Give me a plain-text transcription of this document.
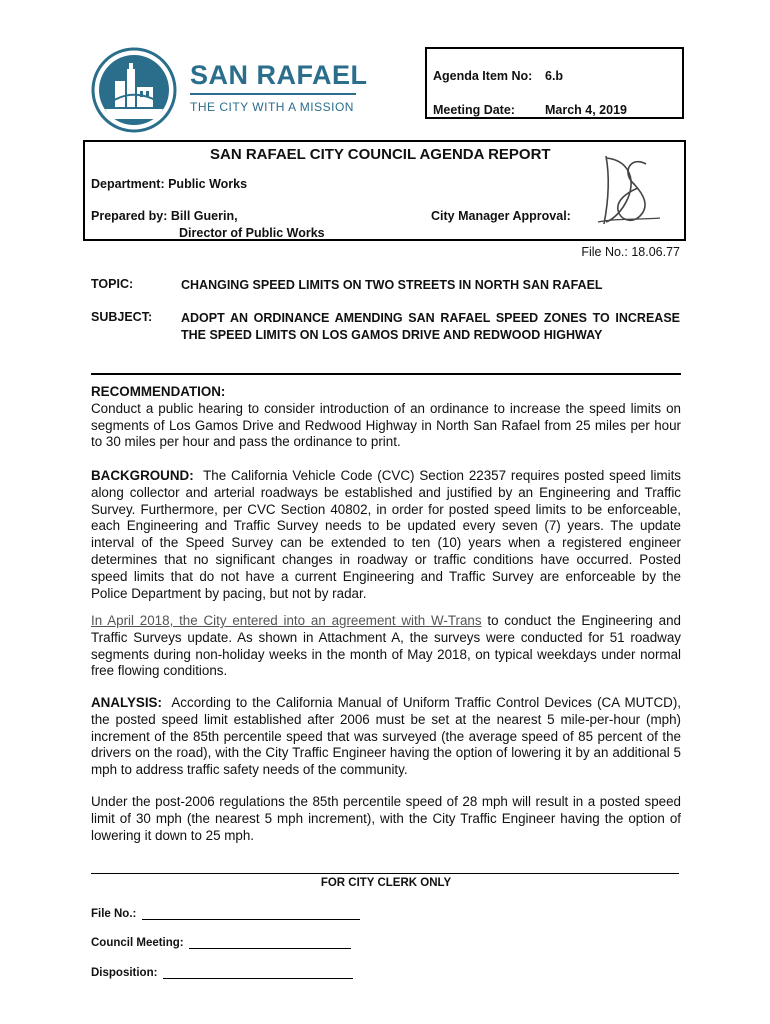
SAN RAFAEL
THE CITY WITH A MISSION
Agenda Item No: 6.b
Meeting Date: March 4, 2019
SAN RAFAEL CITY COUNCIL AGENDA REPORT
Department: Public Works
Prepared by: Bill Guerin,
Director of Public Works
City Manager Approval:
File No.: 18.06.77
TOPIC:	CHANGING SPEED LIMITS ON TWO STREETS IN NORTH SAN RAFAEL
SUBJECT: ADOPT AN ORDINANCE AMENDING SAN RAFAEL SPEED ZONES TO INCREASE THE SPEED LIMITS ON LOS GAMOS DRIVE AND REDWOOD HIGHWAY
RECOMMENDATION:
Conduct a public hearing to consider introduction of an ordinance to increase the speed limits on segments of Los Gamos Drive and Redwood Highway in North San Rafael from 25 miles per hour to 30 miles per hour and pass the ordinance to print.
BACKGROUND: The California Vehicle Code (CVC) Section 22357 requires posted speed limits along collector and arterial roadways be established and justified by an Engineering and Traffic Survey. Furthermore, per CVC Section 40802, in order for posted speed limits to be enforceable, each Engineering and Traffic Survey needs to be updated every seven (7) years. The update interval of the Speed Survey can be extended to ten (10) years when a registered engineer determines that no significant changes in roadway or traffic conditions have occurred. Posted speed limits that do not have a current Engineering and Traffic Survey are enforceable by the Police Department by pacing, but not by radar.
In April 2018, the City entered into an agreement with W-Trans to conduct the Engineering and Traffic Surveys update. As shown in Attachment A, the surveys were conducted for 51 roadway segments during non-holiday weeks in the month of May 2018, on typical weekdays under normal free flowing conditions.
ANALYSIS: According to the California Manual of Uniform Traffic Control Devices (CA MUTCD), the posted speed limit established after 2006 must be set at the nearest 5 mile-per-hour (mph) increment of the 85th percentile speed that was surveyed (the average speed of 85 percent of the drivers on the road), with the City Traffic Engineer having the option of lowering it by an additional 5 mph to address traffic safety needs of the community.
Under the post-2006 regulations the 85th percentile speed of 28 mph will result in a posted speed limit of 30 mph (the nearest 5 mph increment), with the City Traffic Engineer having the option of lowering it down to 25 mph.
FOR CITY CLERK ONLY
File No.:
Council Meeting:
Disposition:
